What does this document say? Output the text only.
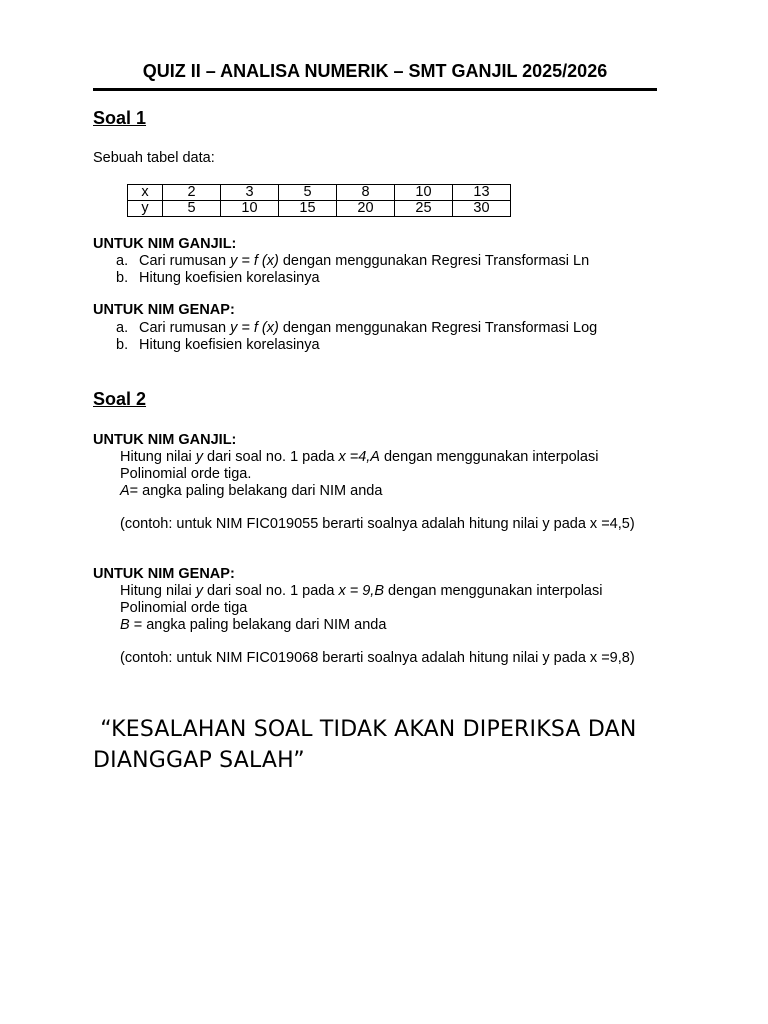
QUIZ II – ANALISA NUMERIK – SMT GANJIL 2025/2026
Soal 1
Sebuah tabel data:
x	2	3	5	8	10	13
y	5	10	15	20	25	30
UNTUK NIM GANJIL:
a. Cari rumusan y = f (x) dengan menggunakan Regresi Transformasi Ln
b. Hitung koefisien korelasinya
UNTUK NIM GENAP:
a. Cari rumusan y = f (x) dengan menggunakan Regresi Transformasi Log
b. Hitung koefisien korelasinya
Soal 2
UNTUK NIM GANJIL:
Hitung nilai y dari soal no. 1 pada x =4,A dengan menggunakan interpolasi
Polinomial orde tiga.
A= angka paling belakang dari NIM anda
(contoh: untuk NIM FIC019055 berarti soalnya adalah hitung nilai y pada x =4,5)
UNTUK NIM GENAP:
Hitung nilai y dari soal no. 1 pada x = 9,B dengan menggunakan interpolasi
Polinomial orde tiga
B = angka paling belakang dari NIM anda
(contoh: untuk NIM FIC019068 berarti soalnya adalah hitung nilai y pada x =9,8)
“KESALAHAN SOAL TIDAK AKAN DIPERIKSA DAN DIANGGAP SALAH”
